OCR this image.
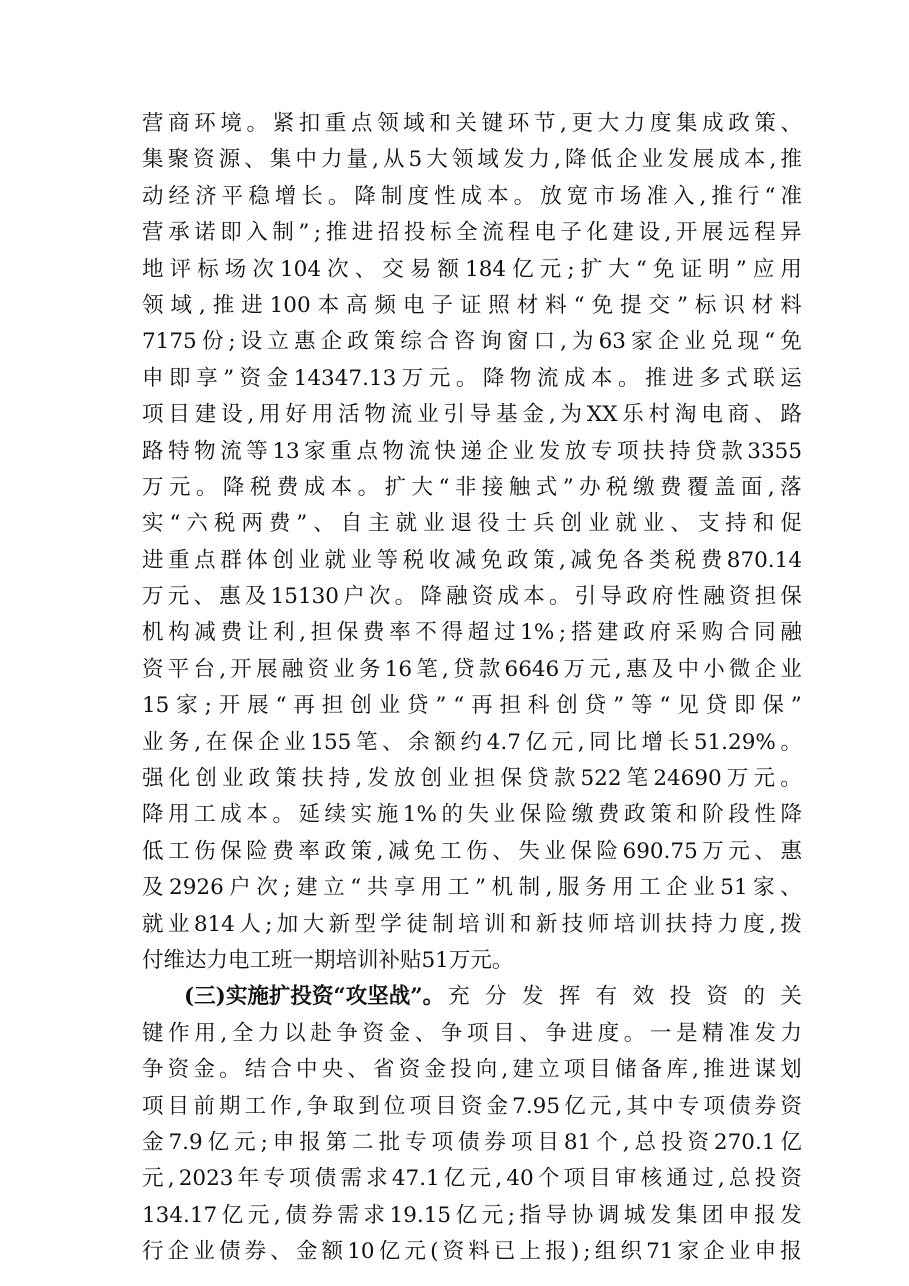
营 商 环 境 。 紧 扣 重 点 领 域 和 关 键 环 节 , 更 大 力 度 集 成 政 策 、
集 聚 资 源 、 集 中 力 量 , 从 5 大 领 域 发 力 , 降 低 企 业 发 展 成 本 , 推
动 经 济 平 稳 增 长 。 降 制 度 性 成 本 。 放 宽 市 场 准 入 , 推 行 “ 准
营 承 诺 即 入 制 ” ; 推 进 招 投 标 全 流 程 电 子 化 建 设 , 开 展 远 程 异
地 评 标 场 次 104 次 、 交 易 额 184 亿 元 ; 扩 大 “ 免 证 明 ” 应 用
领 域 , 推 进 100 本 高 频 电 子 证 照 材 料 “ 免 提 交 ” 标 识 材 料
7175 份 ; 设 立 惠 企 政 策 综 合 咨 询 窗 口 , 为 63 家 企 业 兑 现 “ 免
申 即 享 ” 资 金 14347.13 万 元 。 降 物 流 成 本 。 推 进 多 式 联 运
项 目 建 设 , 用 好 用 活 物 流 业 引 导 基 金 , 为 XX 乐 村 淘 电 商 、 路
路 特 物 流 等 13 家 重 点 物 流 快 递 企 业 发 放 专 项 扶 持 贷 款 3355
万 元 。 降 税 费 成 本 。 扩 大 “ 非 接 触 式 ” 办 税 缴 费 覆 盖 面 , 落
实 “ 六 税 两 费 ” 、 自 主 就 业 退 役 士 兵 创 业 就 业 、 支 持 和 促
进 重 点 群 体 创 业 就 业 等 税 收 减 免 政 策 , 减 免 各 类 税 费 870.14
万 元 、 惠 及 15130 户 次 。 降 融 资 成 本 。 引 导 政 府 性 融 资 担 保
机 构 减 费 让 利 , 担 保 费 率 不 得 超 过 1% ; 搭 建 政 府 采 购 合 同 融
资 平 台 , 开 展 融 资 业 务 16 笔 , 贷 款 6646 万 元 , 惠 及 中 小 微 企 业
15 家 ; 开 展 “ 再 担 创 业 贷 ” “ 再 担 科 创 贷 ” 等 “ 见 贷 即 保 ”
业 务 , 在 保 企 业 155 笔 、 余 额 约 4.7 亿 元 , 同 比 增 长 51.29% 。
强 化 创 业 政 策 扶 持 , 发 放 创 业 担 保 贷 款 522 笔 24690 万 元 。
降 用 工 成 本 。 延 续 实 施 1% 的 失 业 保 险 缴 费 政 策 和 阶 段 性 降
低 工 伤 保 险 费 率 政 策 , 减 免 工 伤 、 失 业 保 险 690.75 万 元 、 惠
及 2926 户 次 ; 建 立 “ 共 享 用 工 ” 机 制 , 服 务 用 工 企 业 51 家 、
就 业 814 人 ; 加 大 新 型 学 徒 制 培 训 和 新 技 师 培 训 扶 持 力 度 , 拨
付维达力电工班一期培训补贴51万元。
(三)实施扩投资“攻坚战”。 充 分 发 挥 有 效 投 资 的 关
键 作 用 , 全 力 以 赴 争 资 金 、 争 项 目 、 争 进 度 。 一 是 精 准 发 力
争 资 金 。 结 合 中 央 、 省 资 金 投 向 , 建 立 项 目 储 备 库 , 推 进 谋 划
项 目 前 期 工 作 , 争 取 到 位 项 目 资 金 7.95 亿 元 , 其 中 专 项 债 券 资
金 7.9 亿 元 ; 申 报 第 二 批 专 项 债 券 项 目 81 个 , 总 投 资 270.1 亿
元 , 2023 年 专 项 债 需 求 47.1 亿 元 , 40 个 项 目 审 核 通 过 , 总 投 资
134.17 亿 元 , 债 券 需 求 19.15 亿 元 ; 指 导 协 调 城 发 集 团 申 报 发
行 企 业 债 券 、 金 额 10 亿 元 ( 资 料 已 上 报 ) ; 组 织 71 家 企 业 申 报
